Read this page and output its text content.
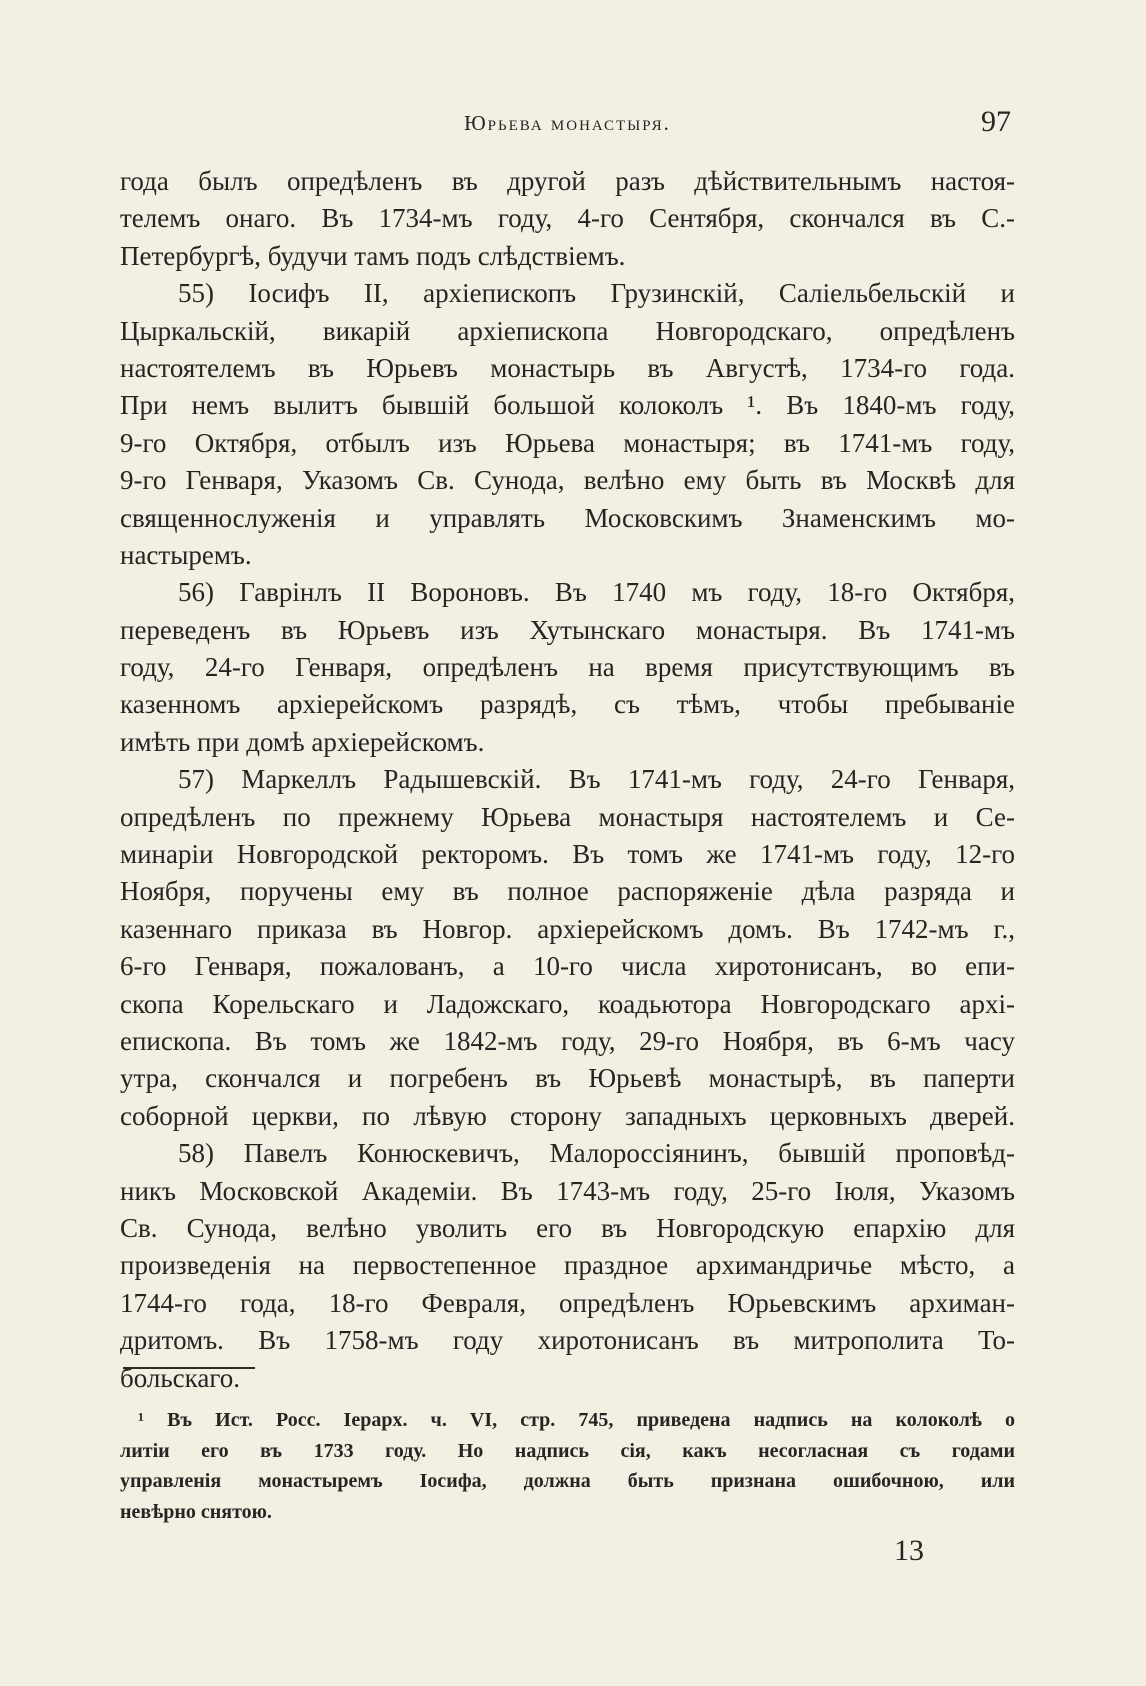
Юрьева монастыря.	97
года былъ опредѣленъ въ другой разъ дѣйствительнымъ настоя-
телемъ онаго. Въ 1734-мъ году, 4-го Сентября, скончался въ С.-
Петербургѣ, будучи тамъ подъ слѣдствіемъ.
55) Іосифъ II, архіепископъ Грузинскій, Саліельбельскій и
Цыркальскій, викарій архіепископа Новгородскаго, опредѣленъ
настоятелемъ въ Юрьевъ монастырь въ Августѣ, 1734-го года.
При немъ вылитъ бывшій большой колоколъ ¹. Въ 1840-мъ году,
9-го Октября, отбылъ изъ Юрьева монастыря; въ 1741-мъ году,
9-го Генваря, Указомъ Св. Сунода, велѣно ему быть въ Москвѣ для
священнослуженія и управлять Московскимъ Знаменскимъ мо-
настыремъ.
56) Гаврінлъ II Вороновъ. Въ 1740 мъ году, 18-го Октября,
переведенъ въ Юрьевъ изъ Хутынскаго монастыря. Въ 1741-мъ
году, 24-го Генваря, опредѣленъ на время присутствующимъ въ
казенномъ архіерейскомъ разрядѣ, съ тѣмъ, чтобы пребываніе
имѣть при домѣ архіерейскомъ.
57) Маркеллъ Радышевскій. Въ 1741-мъ году, 24-го Генваря,
опредѣленъ по прежнему Юрьева монастыря настоятелемъ и Се-
минаріи Новгородской ректоромъ. Въ томъ же 1741-мъ году, 12-го
Ноября, поручены ему въ полное распоряженіе дѣла разряда и
казеннаго приказа въ Новгор. архіерейскомъ домъ. Въ 1742-мъ г.,
6-го Генваря, пожалованъ, а 10-го числа хиротонисанъ, во епи-
скопа Корельскаго и Ладожскаго, коадьютора Новгородскаго архі-
епископа. Въ томъ же 1842-мъ году, 29-го Ноября, въ 6-мъ часу
утра, скончался и погребенъ въ Юрьевѣ монастырѣ, въ паперти
соборной церкви, по лѣвую сторону западныхъ церковныхъ дверей.
58) Павелъ Конюскевичъ, Малороссіянинъ, бывшій проповѣд-
никъ Московской Академіи. Въ 1743-мъ году, 25-го Іюля, Указомъ
Св. Сунода, велѣно уволить его въ Новгородскую епархію для
произведенія на первостепенное праздное архимандричье мѣсто, а
1744-го года, 18-го Февраля, опредѣленъ Юрьевскимъ архиман-
дритомъ. Въ 1758-мъ году хиротонисанъ въ митрополита То-
больскаго.
¹ Въ Ист. Росс. Іерарх. ч. VI, стр. 745, приведена надпись на колоколѣ о
литіи его въ 1733 году. Но надпись сія, какъ несогласная съ годами
управленія монастыремъ Іосифа, должна быть признана ошибочною, или
невѣрно снятою.
13
